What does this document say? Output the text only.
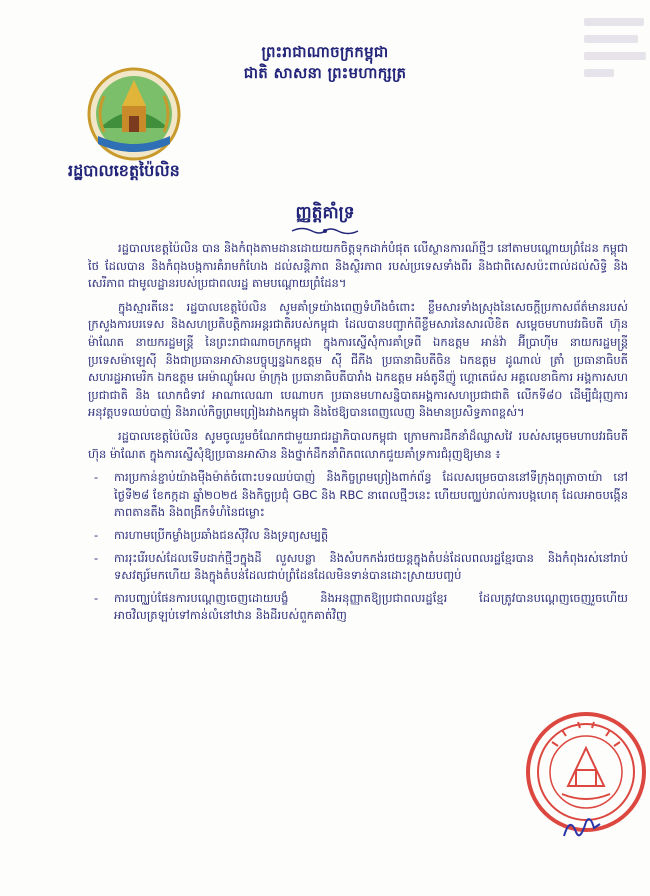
ព្រះរាជាណាចក្រកម្ពុជា
ជាតិ សាសនា ព្រះមហាក្សត្រ
រដ្ឋបាលខេត្តប៉ៃលិន
ញ្ញត្តិគាំទ្រ

រដ្ឋបាលខេត្តប៉ៃលិន បាន និងកំពុងតាមដានដោយយកចិត្តទុកដាក់បំផុត លើស្ថានការណ៍ថ្មីៗ នៅតាមបណ្តោយព្រំដែន កម្ពុជា ថៃ ដែលបាន និងកំពុងបង្កការគំរាមកំហែង ដល់សន្តិភាព និងស្ថិរភាព របស់ប្រទេសទាំងពីរ និងជាពិសេសប៉ះពាល់ដល់សិទ្ធិ និងសេរីភាព ជាមូលដ្ឋានរបស់ប្រជាពលរដ្ឋ តាមបណ្តោយព្រំដែន។

ក្នុងស្មារតីនេះ រដ្ឋបាលខេត្តប៉ៃលិន សូមគាំទ្រយ៉ាងពេញទំហឹងចំពោះ ខ្លឹមសារទាំងស្រុងនៃសេចក្តីប្រកាសព័ត៌មានរបស់ក្រសួងការបរទេស និងសហប្រតិបត្តិការអន្តរជាតិរបស់កម្ពុជា ដែលបានបញ្ជាក់ពីខ្លឹមសារនៃសារលិខិត សម្តេចមហាបវរធិបតី ហ៊ុន ម៉ាណែត នាយករដ្ឋមន្ត្រី នៃព្រះរាជាណាចក្រកម្ពុជា ក្នុងការស្នើសុំការគាំទ្រពី ឯកឧត្តម អាន់វ៉ា អ៊ីប្រាហ៊ីម នាយករដ្ឋមន្ត្រីប្រទេសម៉ាឡេស៊ី និងជាប្រធានអាស៊ានបច្ចុប្បន្នឯកឧត្តម ស៊ី ជីភីង ប្រធានាធិបតីចិន ឯកឧត្តម ដូណាល់ ត្រាំ ប្រធានាធិបតីសហរដ្ឋអាមេរិក ឯកឧត្តម អេម៉ាណ្ញូអែល ម៉ាក្រុង ប្រធានាធិបតីបារាំង ឯកឧត្តម អង់តូនីញ៉ូ ហ្គោតេរ៉េស អគ្គលេខាធិការ អង្គការសហប្រជាជាតិ និង លោកជំទាវ អាណាលេណា បេណាបក ប្រធានមហាសន្និបាតអង្គការសហប្រជាជាតិ លើកទី៨០ ដើម្បីជំរុញការអនុវត្តបទឈប់បាញ់ និងរាល់កិច្ចព្រមព្រៀងរវាងកម្ពុជា និងថៃឱ្យបានពេញលេញ និងមានប្រសិទ្ធភាពខ្ពស់។

រដ្ឋបាលខេត្តប៉ៃលិន សូមចូលរួមចំណែកជាមួយរាជរដ្ឋាភិបាលកម្ពុជា ក្រោមការដឹកនាំដ៏ឈ្លាសវៃ របស់សម្តេចមហាបវរធិបតី ហ៊ុន ម៉ាណែត ក្នុងការស្នើសុំឱ្យប្រធានអាស៊ាន និងថ្នាក់ដឹកនាំពិភពលោកជួយគាំទ្រការជំរុញឱ្យមាន ៖

- ការប្រកាន់ខ្ជាប់យ៉ាងម៉ឺងម៉ាត់ចំពោះបទឈប់បាញ់ និងកិច្ចព្រមព្រៀងពាក់ព័ន្ធ ដែលសម្រេចបាននៅទីក្រុងពុត្រាចាយ៉ា នៅថ្ងៃទី២៨ ខែកក្កដា ឆ្នាំ២០២៥ និងកិច្ចប្រជុំ GBC និង RBC នាពេលថ្មីៗនេះ ហើយបញ្ឈប់រាល់ការបង្កហេតុ ដែលអាចបង្កើនភាពតានតឹង និងពង្រីកទំហំនៃជម្លោះ
- ការហាមប្រើកម្លាំងប្រឆាំងជនស៊ីវិល និងទ្រព្យសម្បត្តិ
- ការរុះរើរបស់ដែលទើបដាក់ថ្មីៗក្នុងដី លួសបន្លា និងសំបកកង់រថយន្តក្នុងតំបន់ដែលពលរដ្ឋខ្មែរបាន និងកំពុងរស់នៅរាប់ទសវត្សរ៍មកហើយ និងក្នុងតំបន់ដែលជាប់ព្រំដែនដែលមិនទាន់បានដោះស្រាយបញ្ចប់
- ការបញ្ឈប់ផែនការបណ្តេញចេញដោយបង្ខំ និងអនុញ្ញាតឱ្យប្រជាពលរដ្ឋខ្មែរ ដែលត្រូវបានបណ្តេញចេញរួចហើយ អាចវិលត្រឡប់ទៅកាន់លំនៅឋាន និងដីរបស់ពួកគាត់វិញ
